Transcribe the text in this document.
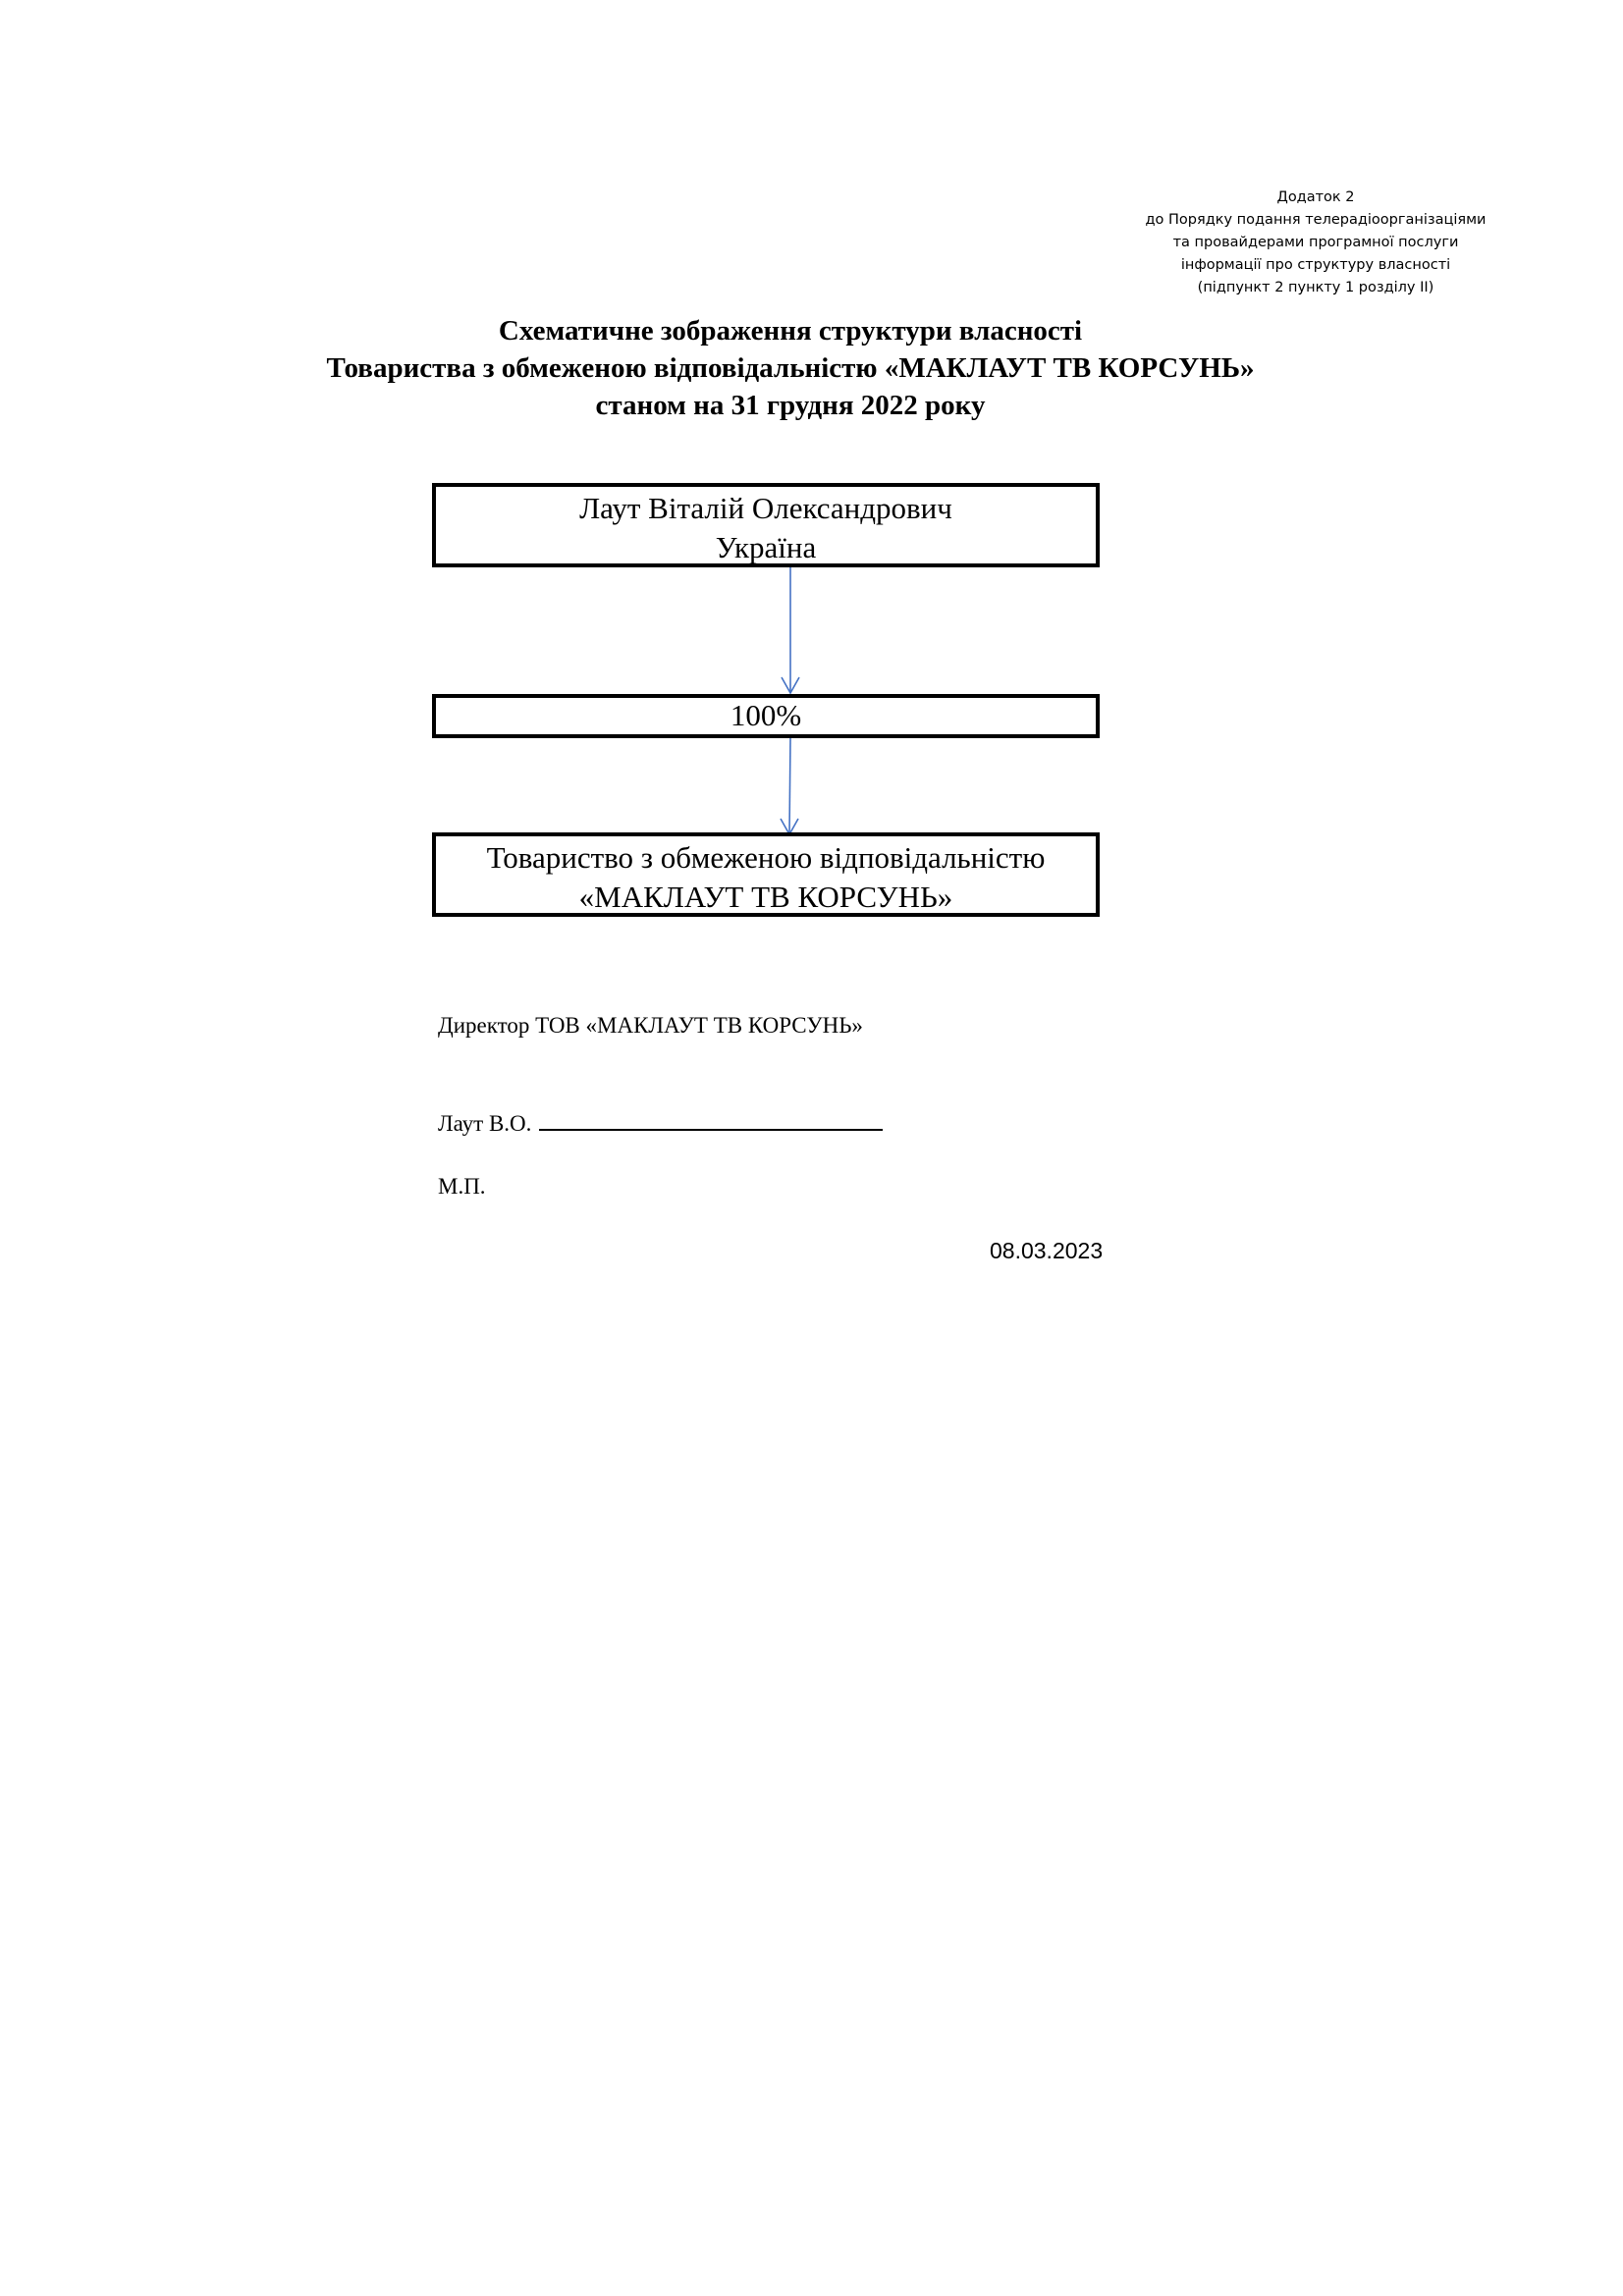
Додаток 2
до Порядку подання телерадіоорганізаціями
та провайдерами програмної послуги
інформації про структуру власності
(підпункт 2 пункту 1 розділу ІІ)
Схематичне зображення структури власності
Товариства з обмеженою відповідальністю «МАКЛАУТ ТВ КОРСУНЬ»
станом на 31 грудня 2022 року
Лаут Віталій Олександрович
Україна
100%
Товариство з обмеженою відповідальністю
«МАКЛАУТ ТВ КОРСУНЬ»
Директор ТОВ «МАКЛАУТ ТВ КОРСУНЬ»
Лаут В.О.
М.П.
08.03.2023
